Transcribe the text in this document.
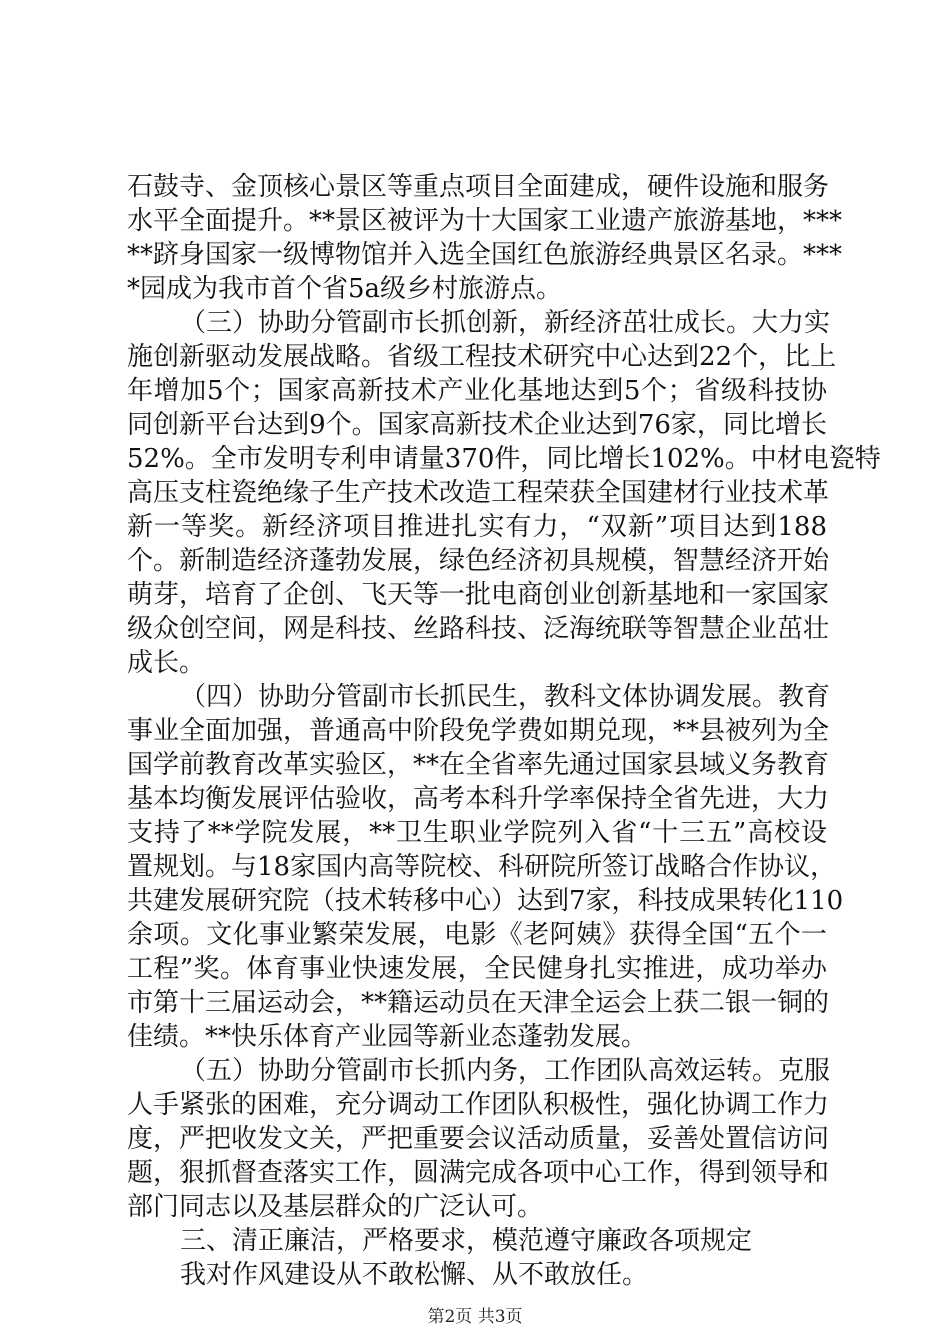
石鼓寺、金顶核心景区等重点项目全面建成，硬件设施和服务
水平全面提升。**景区被评为十大国家工业遗产旅游基地，***
**跻身国家一级博物馆并入选全国红色旅游经典景区名录。***
*园成为我市首个省5a级乡村旅游点。
（三）协助分管副市长抓创新，新经济茁壮成长。大力实
施创新驱动发展战略。省级工程技术研究中心达到22个，比上
年增加5个；国家高新技术产业化基地达到5个；省级科技协
同创新平台达到9个。国家高新技术企业达到76家，同比增长
52%。全市发明专利申请量370件，同比增长102%。中材电瓷特
高压支柱瓷绝缘子生产技术改造工程荣获全国建材行业技术革
新一等奖。新经济项目推进扎实有力，“双新”项目达到188
个。新制造经济蓬勃发展，绿色经济初具规模，智慧经济开始
萌芽，培育了企创、飞天等一批电商创业创新基地和一家国家
级众创空间，网是科技、丝路科技、泛海统联等智慧企业茁壮
成长。
（四）协助分管副市长抓民生，教科文体协调发展。教育
事业全面加强，普通高中阶段免学费如期兑现，**县被列为全
国学前教育改革实验区，**在全省率先通过国家县域义务教育
基本均衡发展评估验收，高考本科升学率保持全省先进，大力
支持了**学院发展，**卫生职业学院列入省“十三五”高校设
置规划。与18家国内高等院校、科研院所签订战略合作协议，
共建发展研究院（技术转移中心）达到7家，科技成果转化110
余项。文化事业繁荣发展，电影《老阿姨》获得全国“五个一
工程”奖。体育事业快速发展，全民健身扎实推进，成功举办
市第十三届运动会，**籍运动员在天津全运会上获二银一铜的
佳绩。**快乐体育产业园等新业态蓬勃发展。
（五）协助分管副市长抓内务，工作团队高效运转。克服
人手紧张的困难，充分调动工作团队积极性，强化协调工作力
度，严把收发文关，严把重要会议活动质量，妥善处置信访问
题，狠抓督查落实工作，圆满完成各项中心工作，得到领导和
部门同志以及基层群众的广泛认可。
三、清正廉洁，严格要求，模范遵守廉政各项规定
我对作风建设从不敢松懈、从不敢放任。
第2页 共3页
